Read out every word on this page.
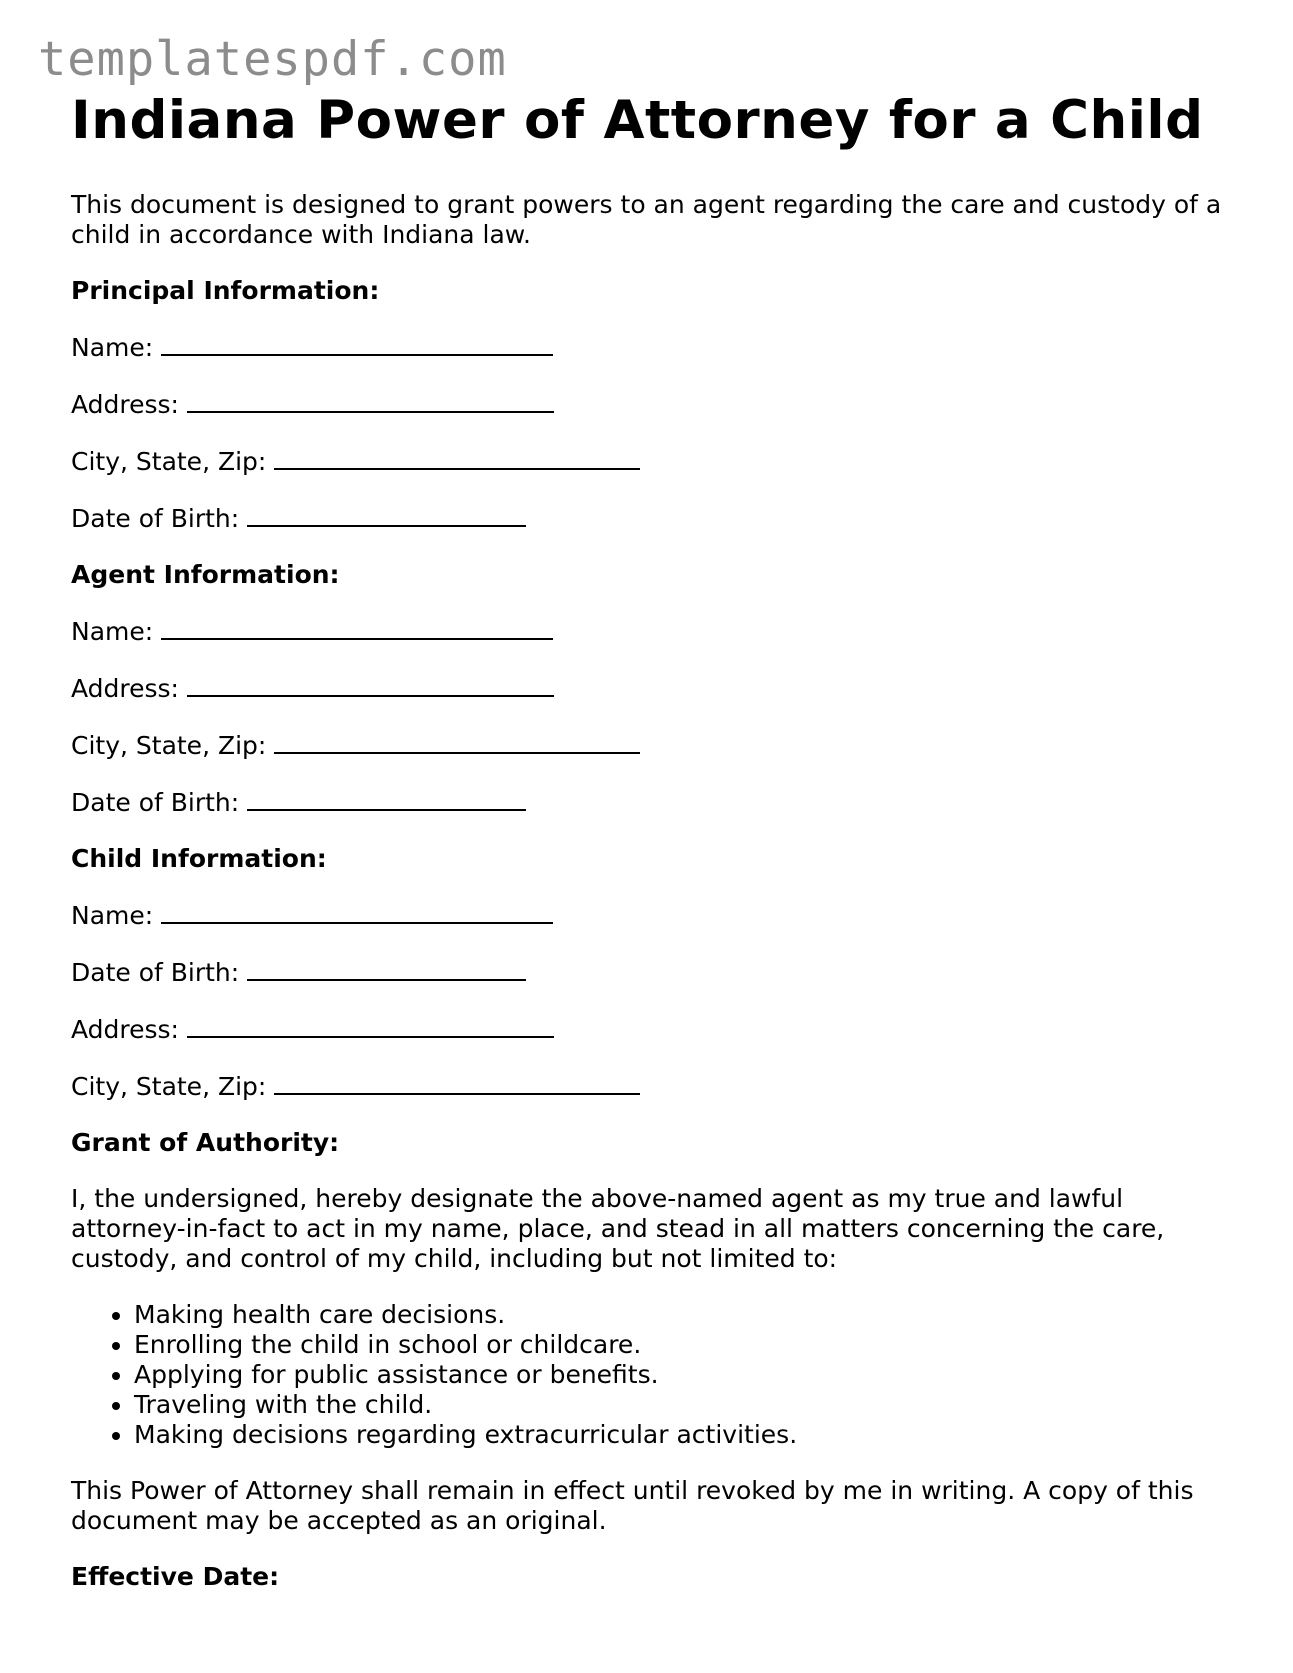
templatespdf.com
Indiana Power of Attorney for a Child

This document is designed to grant powers to an agent regarding the care and custody of a child in accordance with Indiana law.

Principal Information:
Name:
Address:
City, State, Zip:
Date of Birth:
Agent Information:
Name:
Address:
City, State, Zip:
Date of Birth:
Child Information:
Name:
Date of Birth:
Address:
City, State, Zip:
Grant of Authority:

I, the undersigned, hereby designate the above-named agent as my true and lawful attorney-in-fact to act in my name, place, and stead in all matters concerning the care, custody, and control of my child, including but not limited to:

• Making health care decisions.
• Enrolling the child in school or childcare.
• Applying for public assistance or benefits.
• Traveling with the child.
• Making decisions regarding extracurricular activities.

This Power of Attorney shall remain in effect until revoked by me in writing. A copy of this document may be accepted as an original.

Effective Date:
